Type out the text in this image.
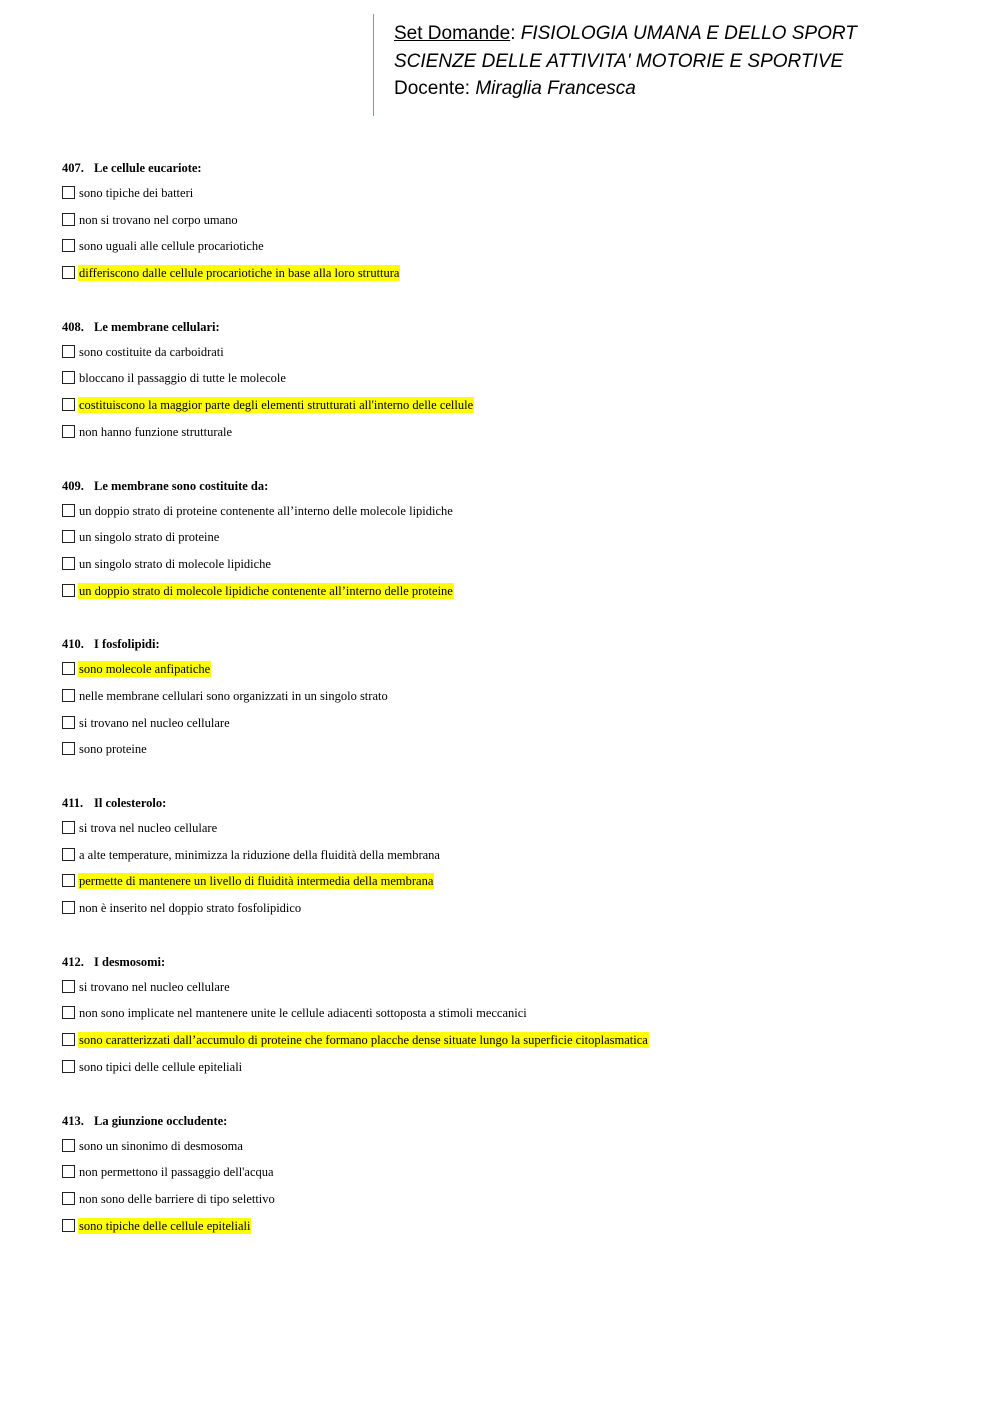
Set Domande: FISIOLOGIA UMANA E DELLO SPORT
SCIENZE DELLE ATTIVITA' MOTORIE E SPORTIVE
Docente: Miraglia Francesca
407. Le cellule eucariote:
sono tipiche dei batteri
non si trovano nel corpo umano
sono uguali alle cellule procariotiche
differiscono dalle cellule procariotiche in base alla loro struttura
408. Le membrane cellulari:
sono costituite da carboidrati
bloccano il passaggio di tutte le molecole
costituiscono la maggior parte degli elementi strutturati all'interno delle cellule
non hanno funzione strutturale
409. Le membrane sono costituite da:
un doppio strato di proteine contenente all’interno delle molecole lipidiche
un singolo strato di proteine
un singolo strato di molecole lipidiche
un doppio strato di molecole lipidiche contenente all’interno delle proteine
410. I fosfolipidi:
sono molecole anfipatiche
nelle membrane cellulari sono organizzati in un singolo strato
si trovano nel nucleo cellulare
sono proteine
411. Il colesterolo:
si trova nel nucleo cellulare
a alte temperature, minimizza la riduzione della fluidità della membrana
permette di mantenere un livello di fluidità intermedia della membrana
non è inserito nel doppio strato fosfolipidico
412. I desmosomi:
si trovano nel nucleo cellulare
non sono implicate nel mantenere unite le cellule adiacenti sottoposta a stimoli meccanici
sono caratterizzati dall’accumulo di proteine che formano placche dense situate lungo la superficie citoplasmatica
sono tipici delle cellule epiteliali
413. La giunzione occludente:
sono un sinonimo di desmosoma
non permettono il passaggio dell'acqua
non sono delle barriere di tipo selettivo
sono tipiche delle cellule epiteliali
